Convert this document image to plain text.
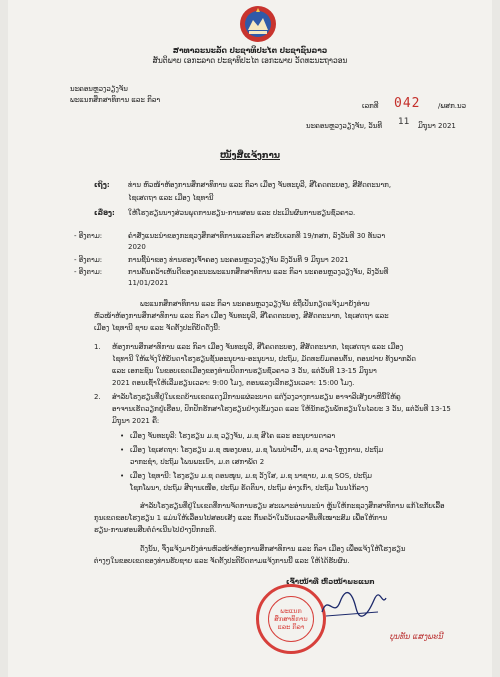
ສາທາລະນະລັດ ປະຊາທິປະໄຕ ປະຊາຊົນລາວ
ສັນຕິພາບ ເອກະລາດ ປະຊາທິປະໄຕ ເອກະພາບ ວັດທະນະຖາວອນ
ນະຄອນຫຼວງວຽງຈັນ
ພະແນກສຶກສາທິການ ແລະ ກິລາ
ເລກທີ 042	/ພສກ.ນວ
ນະຄອນຫຼວງວຽງຈັນ, ວັນທີ 11 ມິຖຸນາ 2021
ໜັງສືແຈ້ງການ
ເຖິງ:	ທ່ານ ຫົວໜ້າຫ້ອງການສຶກສາທິການ ແລະ ກິລາ ເມືອງ ຈັນທະບູລີ, ສີໂຄດຕະບອງ, ສີສັດຕະນາກ,
ໄຊເສດຖາ ແລະ ເມືອງ ໄຊທານີ
ເລື່ອງ: ໃຫ້ໂຮງຮຽນນາງສ່ວນພຸດການຮຽນ-ການສອນ ແລະ ປະເມີນຜົນການຮຽນຊົ່ວຄາວ.
- ອີງຕາມ:	ຄຳສັ່ງແນະນຳຂອງກະຊວງສຶກສາທິການແລະກິລາ ສະບັບເລກທີ 19/ກສກ, ລົງວັນທີ 30 ທັນວາ
2020
- ອີງຕາມ:	ການຊີ້ນຳຂອງ ທ່ານຮອງເຈົ້າຄອງ ນະຄອນຫຼວງວຽງຈັນ ລົງວັນທີ 9 ມິຖຸນາ 2021
- ອີງຕາມ:	ການຄົ້ນຄວ້າເຫັນດີຂອງຄະນະພະແນກສຶກສາທິການ ແລະ ກິລາ ນະຄອນຫຼວງວຽງຈັນ, ລົງວັນທີ
11/01/2021
ພະແນກສຶກສາທິການ ແລະ ກິລາ ນະຄອນຫຼວງວຽງຈັນ ຂໍຖືເປັນກຽດແຈ້ງມາຍັງທ່ານ
ຫົວໜ້າຫ້ອງການສຶກສາທິການ ແລະ ກິລາ ເມືອງ ຈັນທະບູລີ, ສີໂຄດຕະບອງ, ສີສັດຕະນາກ, ໄຊເສດຖາ ແລະ
ເມືອງ ໄຊທານີ ຊາບ ແລະ ຈັດຕັ້ງປະຕິບັດດັ່ງນີ້:
1. ຫ້ອງການສຶກສາທິການ ແລະ ກິລາ ເມືອງ ຈັນທະບູລີ, ສີໂຄດຕະບອງ, ສີສັດຕະນາກ, ໄຊເສດຖາ ແລະ ເມືອງ
ໄຊທານີ ໃຫ້ແຈ້ງໃຫ້ບັນດາໂຮງຮຽນຊັ້ນອະນຸບານ-ອະນຸບານ, ປະຖົມ, ມັດທະຍົມຕອນຕົ້ນ, ຕອນປາຍ ທັງພາກລັດ
ແລະ ເອກະຊົນ ໃນຂອບເຂດເມືອງຂອງທ່ານປິດການຮຽນຊົ່ວຄາວ 3 ວັນ, ແຕ່ວັນທີ 13-15 ມິຖຸນາ
2021 ຕອນເຊົ້າໃຫ້ເລີ່ມຮຽນເວລາ: 9:00 ໂມງ, ຕອນແລງເລີກຮຽນເວລາ: 15:00 ໂມງ.
2. ສຳລັບໂຮງຮຽນທີ່ຢູ່ໃນເຂດບ້ານເຂດແດງມີການແຜ່ລະບາດ ແຕ່ງ້ວງວາງການຮຽນ ອາຈາລີເສັງຍາຫີນີ້ໃຫ້ຄູ
ອາຈານເຮັດວຽກຢູ່ເຮືອນ, ປົກປັກຮັກສາໂຮງຮຽນຢ່າງເຂັ້ມງວດ ແລະ ໃຫ້ນັກຮຽນພັກຮຽນໃນໄລຍະ 3 ວັນ, ແຕ່ວັນທີ 13-15
ມິຖຸນາ 2021 ຄື:
• ເມືອງ ຈັນທະບູລີ: ໂຮງຮຽນ ມ.ຊ ວຽງຈັນ, ມ.ຊ ສີໄຄ ແລະ ອະນຸບານດາລາ
• ເມືອງ ໄຊເສດຖາ: ໂຮງຮຽນ ມ.ຊ ໜອງບອນ, ມ.ຊ ໂພນປ່າເປົ້າ, ມ.ຊ ລາວ-ໂຫຼງການ, ປະຖົມ
ວາກະຊໍາ, ປະຖົມ ໂພນພະເນົາ, ມ.ຕ ເສກາພັດ 2
• ເມືອງ ໄຊທານີ: ໂຮງຮຽນ ມ.ຊ ດອນໜູນ, ມ.ຊ ວັງໃສ, ມ.ຊ ນາຊາຍ, ມ.ຊ SOS, ປະຖົມ
ໂຊກໂພນາ, ປະຖົມ ສີຖານເໜືອ, ປະຖົມ ຣັດຕິນາ, ປະຖົມ ອ່າງເກົ່າ, ປະຖົມ ໂນນໄກ້ລາງ
ສຳລັບໂຮງຮຽນທີ່ຢູ່ໃນເຂດທີ່ການຈັດການຮຽນ ສະເພາະອ່ານນະນຳ ຫຼຸ້ນໃຫ້ກະຊວງສຶກສາທິການ ແກ້ໄຂກັບເລື້ອ
ກຸນເຂດຂອບໂຮງຮຽນ 1 ແມ່ນໃຫ້ເລື່ອນໄປສອບເສັງ ແລະ ກົ້ນຄວ້າໃນວັນເວລາອື່ນທີ່ເໝາະສົມ ເພື່ອໃຫ້ການ
ຮຽນ-ການສອນສືບຕໍ່ດຳເນີນໄປຢ່າງປົກກະຕິ.
ດັ່ງນັ້ນ, ຈຶ່ງແຈ້ງມາຍັງທ່ານຫົວໜ້າຫ້ອງການສຶກສາທິການ ແລະ ກິລາ ເມືອງ ເພື່ອແຈ້ງໃຫ້ໂຮງຮຽນ
ຕ່າງໆໃນຂອບເຂດຂອງທ່ານຮັບຊາບ ແລະ ຈັດຕັ້ງປະຕິບັດຕາມແຈ້ງການນີ້ ແລະ ໃຫ້ໄດ້ຮັບຜົນ.
ເຈົ້າໜ້າທີ່ ຫົວໜ້າພະແນກ
ພະແນກ
ສຶກສາທິການ
ແລະ ກິລາ
ບຸນທັນ ແສງພະນີ
